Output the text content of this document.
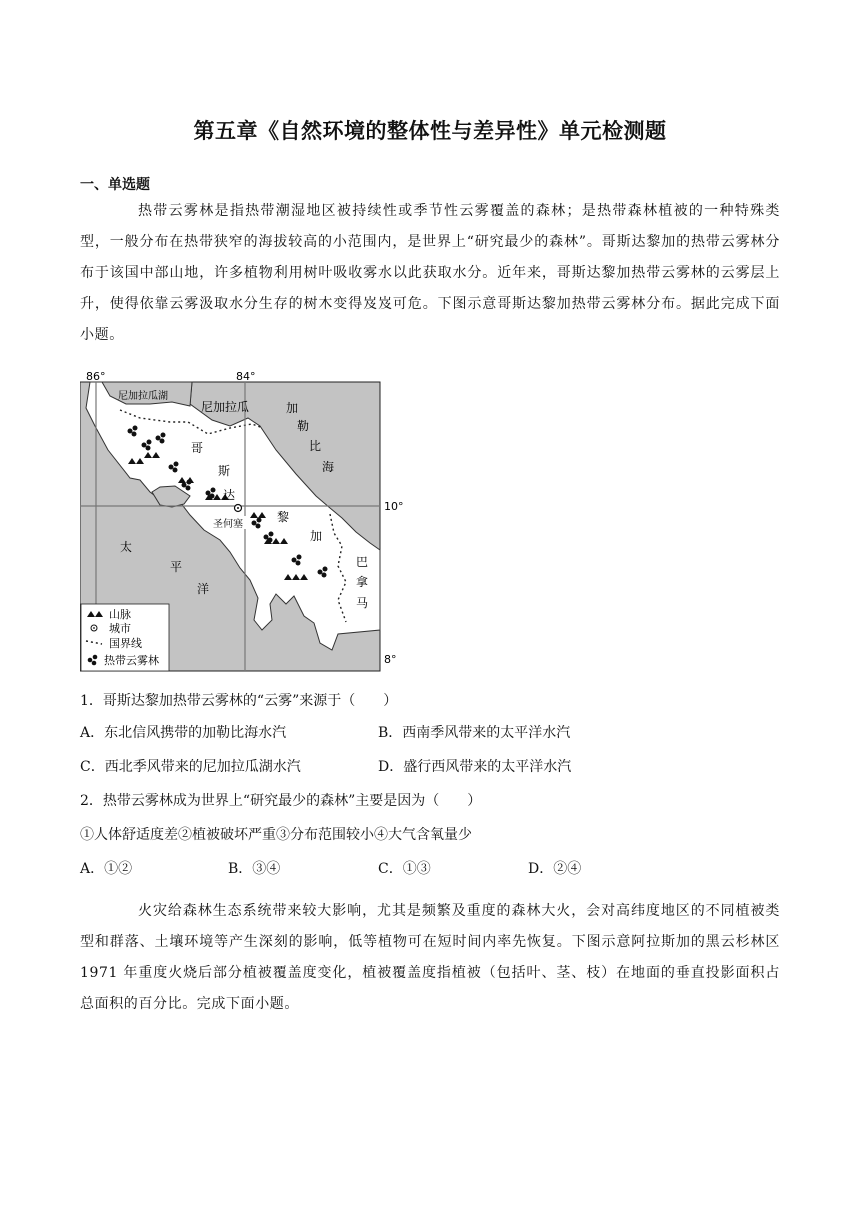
第五章《自然环境的整体性与差异性》单元检测题
一、单选题

热带云雾林是指热带潮湿地区被持续性或季节性云雾覆盖的森林；是热带森林植被的一种特殊类型，一般分布在热带狭窄的海拔较高的小范围内，是世界上“研究最少的森林”。哥斯达黎加的热带云雾林分布于该国中部山地，许多植物利用树叶吸收雾水以此获取水分。近年来，哥斯达黎加热带云雾林的云雾层上升，使得依靠云雾汲取水分生存的树木变得岌岌可危。下图示意哥斯达黎加热带云雾林分布。据此完成下面小题。

86°	84°
10°
8°
尼加拉瓜湖
尼加拉瓜	加
勒
比
海
哥
斯
达
黎
加
圣何塞
太
平
洋
巴
拿
马
山脉
城市
国界线
热带云雾林
1．哥斯达黎加热带云雾林的“云雾”来源于（　　）
A．东北信风携带的加勒比海水汽	B．西南季风带来的太平洋水汽
C．西北季风带来的尼加拉瓜湖水汽	D．盛行西风带来的太平洋水汽
2．热带云雾林成为世界上“研究最少的森林”主要是因为（　　）
①人体舒适度差②植被破坏严重③分布范围较小④大气含氧量少
A．①②	B．③④	C．①③	D．②④

火灾给森林生态系统带来较大影响，尤其是频繁及重度的森林大火，会对高纬度地区的不同植被类型和群落、土壤环境等产生深刻的影响，低等植物可在短时间内率先恢复。下图示意阿拉斯加的黑云杉林区 1971 年重度火烧后部分植被覆盖度变化，植被覆盖度指植被（包括叶、茎、枝）在地面的垂直投影面积占总面积的百分比。完成下面小题。
